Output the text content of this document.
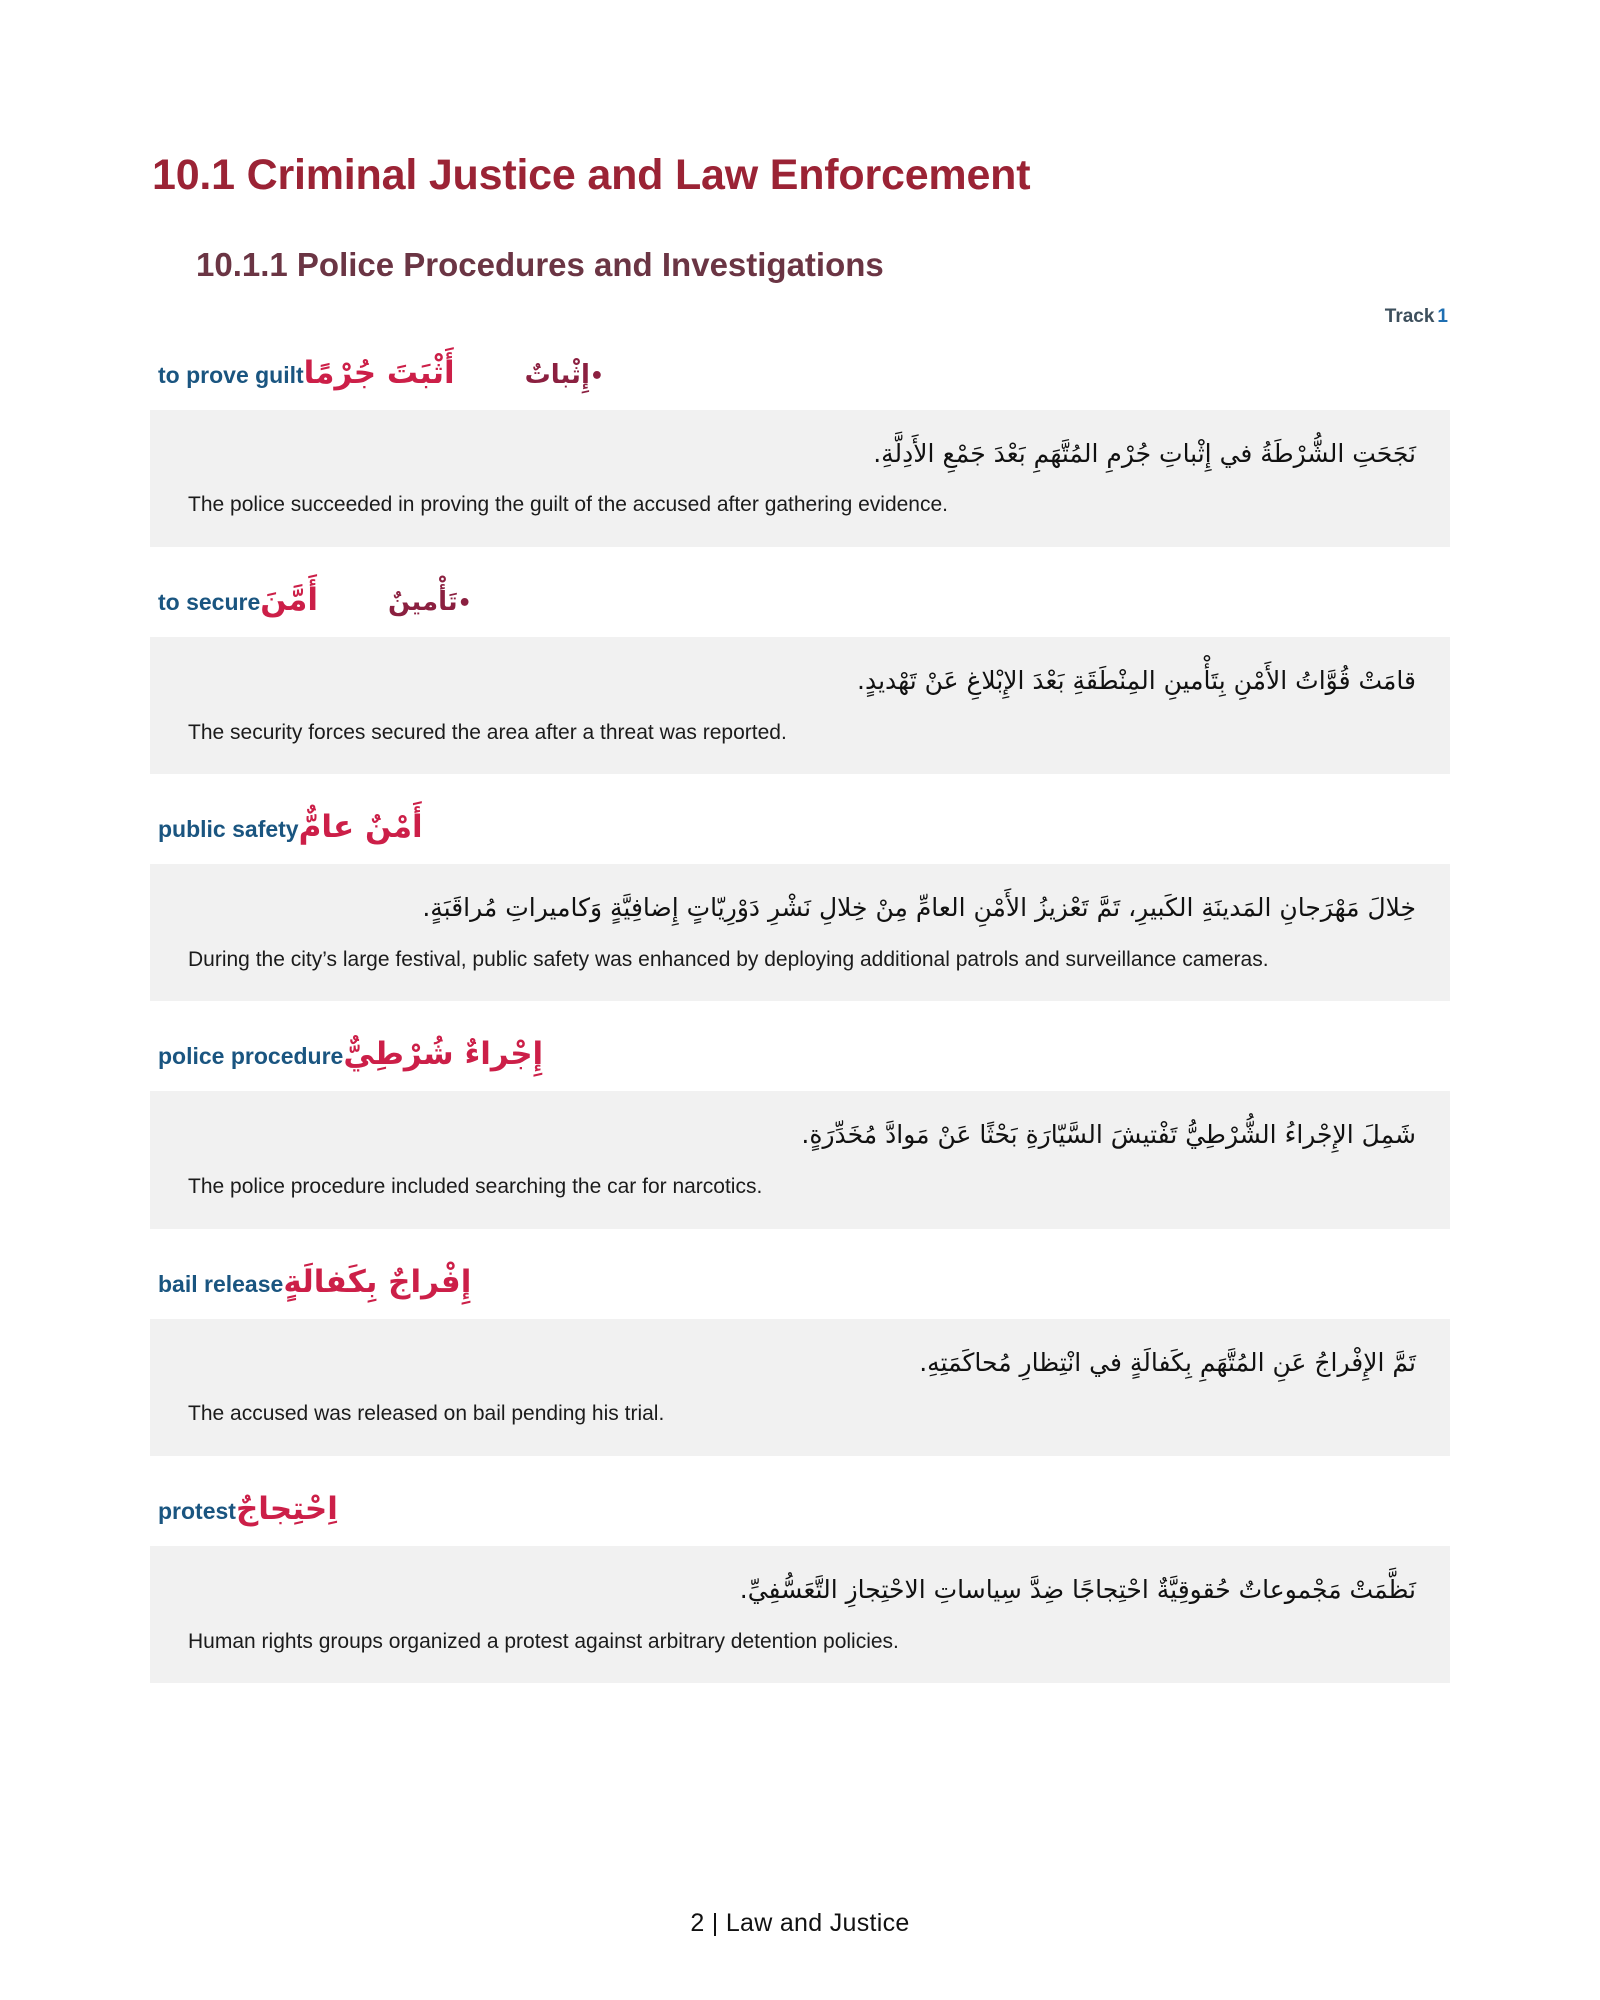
10.1 Criminal Justice and Law Enforcement
10.1.1 Police Procedures and Investigations
Track 1
to prove guilt	•إِثْباتٌ
أَثْبَتَ جُرْمًا

نَجَحَتِ الشُّرْطَةُ في إِثْباتِ جُرْمِ المُتَّهَمِ بَعْدَ جَمْعِ الأَدِلَّةِ.

The police succeeded in proving the guilt of the accused after gathering evidence.

to secure	•تَأْمينٌ
أَمَّنَ

قامَتْ قُوَّاتُ الأَمْنِ بِتَأْمينِ المِنْطَقَةِ بَعْدَ الإِبْلاغِ عَنْ تَهْديدٍ.

The security forces secured the area after a threat was reported.

public safety أَمْنٌ عامٌّ

خِلالَ مَهْرَجانِ المَدينَةِ الكَبيرِ، تَمَّ تَعْزيزُ الأَمْنِ العامِّ مِنْ خِلالِ نَشْرِ دَوْرِيّاتٍ إِضافِيَّةٍ وَكاميراتِ مُراقَبَةٍ.

During the city’s large festival, public safety was enhanced by deploying additional patrols and surveillance cameras.

police procedure إِجْراءٌ شُرْطِيٌّ

شَمِلَ الإِجْراءُ الشُّرْطِيُّ تَفْتيشَ السَّيّارَةِ بَحْثًا عَنْ مَوادَّ مُخَدِّرَةٍ.

The police procedure included searching the car for narcotics.

bail release إِفْراجٌ بِكَفالَةٍ

تَمَّ الإِفْراجُ عَنِ المُتَّهَمِ بِكَفالَةٍ في انْتِظارِ مُحاكَمَتِهِ.

The accused was released on bail pending his trial.

protest اِحْتِجاجٌ

نَظَّمَتْ مَجْموعاتٌ حُقوقِيَّةٌ احْتِجاجًا ضِدَّ سِياساتِ الاحْتِجازِ التَّعَسُّفِيِّ.

Human rights groups organized a protest against arbitrary detention policies.

2 | Law and Justice
